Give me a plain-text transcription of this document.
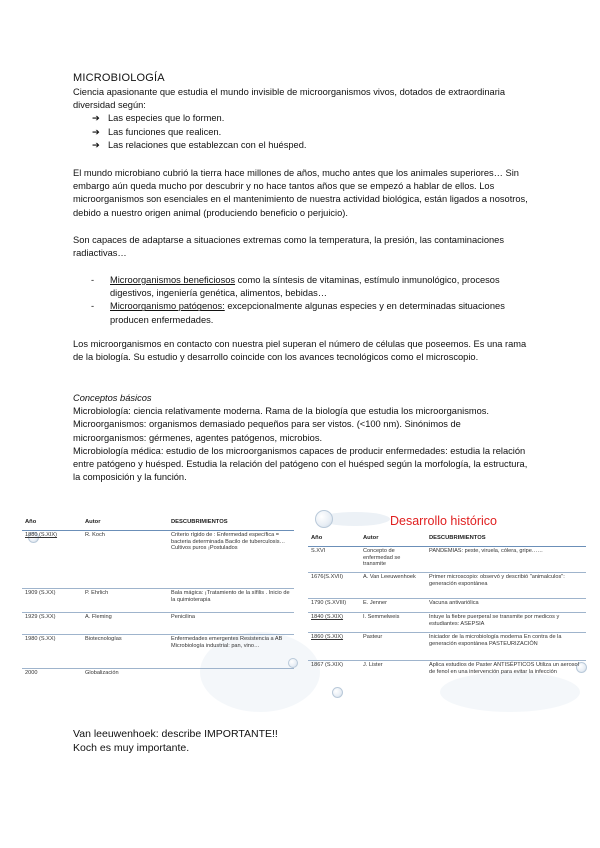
MICROBIOLOGÍA
Ciencia apasionante que estudia el mundo invisible de microorganismos vivos, dotados de extraordinaria diversidad según:
➔ Las especies que lo formen.
➔ Las funciones que realicen.
➔ Las relaciones que establezcan con el huésped.
El mundo microbiano cubrió la tierra hace millones de años, mucho antes que los animales superiores… Sin embargo aún queda mucho por descubrir y no hace tantos años que se empezó a hablar de ellos. Los microorganismos son esenciales en el mantenimiento de nuestra actividad biológica, están ligados a nosotros, debido a nuestro origen animal (produciendo beneficio o perjuicio).
Son capaces de adaptarse a situaciones extremas como la temperatura, la presión, las contaminaciones radiactivas…
- Microorganismos beneficiosos como la síntesis de vitaminas, estímulo inmunológico, procesos digestivos, ingeniería genética, alimentos, bebidas…
- Microorganismo patógenos: excepcionalmente algunas especies y en determinadas situaciones producen enfermedades.
Los microorganismos en contacto con nuestra piel superan el número de células que poseemos. Es una rama de la biología. Su estudio y desarrollo coincide con los avances tecnológicos como el microscopio.
Conceptos básicos
Microbiología: ciencia relativamente moderna. Rama de la biología que estudia los microorganismos.
Microorganismos: organismos demasiado pequeños para ser vistos. (<100 nm). Sinónimos de microorganismos: gérmenes, agentes patógenos, microbios.
Microbiología médica: estudio de los microorganismos capaces de producir enfermedades: estudia la relación entre patógeno y huésped. Estudia la relación del patógeno con el huésped según la morfología, la estructura, la composición y la función.
Año	Autor	DESCUBRIMIENTOS
1880 (S.XIX)	R. Koch	Criterio rígido de : Enfermedad específica = bacteria determinada Bacilo de tuberculosis… Cultivos puros ¡Postulados
1909 (S.XX)	P. Ehrlich	Bala mágica: ¡Tratamiento de la sífilis . Inicio de la quimioterapia
1929 (S.XX)	A. Fleming	Penicilina
1980 (S.XX)	Biotecnologías	Enfermedades emergentes Resistencia a AB Microbiología industrial: pan, vino…
2000	Globalización	
Desarrollo histórico
Año	Autor	DESCUBRIMIENTOS
S.XVI	Concepto de enfermedad se transmite	PANDEMIAS: peste, viruela, cólera, gripe……
1676(S.XVII)	A. Van Leeuwenhoek	Primer microscopio: observó y describió "animalculos": generación espontánea
1790 (S.XVIII)	E. Jenner	Vacuna antivariólica
1840 (S.XIX)	I. Semmelweis	Intuye la fiebre puerperal se transmite por medicos y estudiantes: ASEPSIA
1860 (S.XIX)	Pasteur	Iniciador de la microbiología moderna En contra de la generación espontánea PASTEURIZACIÓN
1867 (S.XIX)	J. Lister	Aplica estudios de Paster ANTISÉPTICOS Utiliza un aerosol de fenol en una intervención para evitar la infección
Van leeuwenhoek: describe IMPORTANTE!!
Koch es muy importante.
